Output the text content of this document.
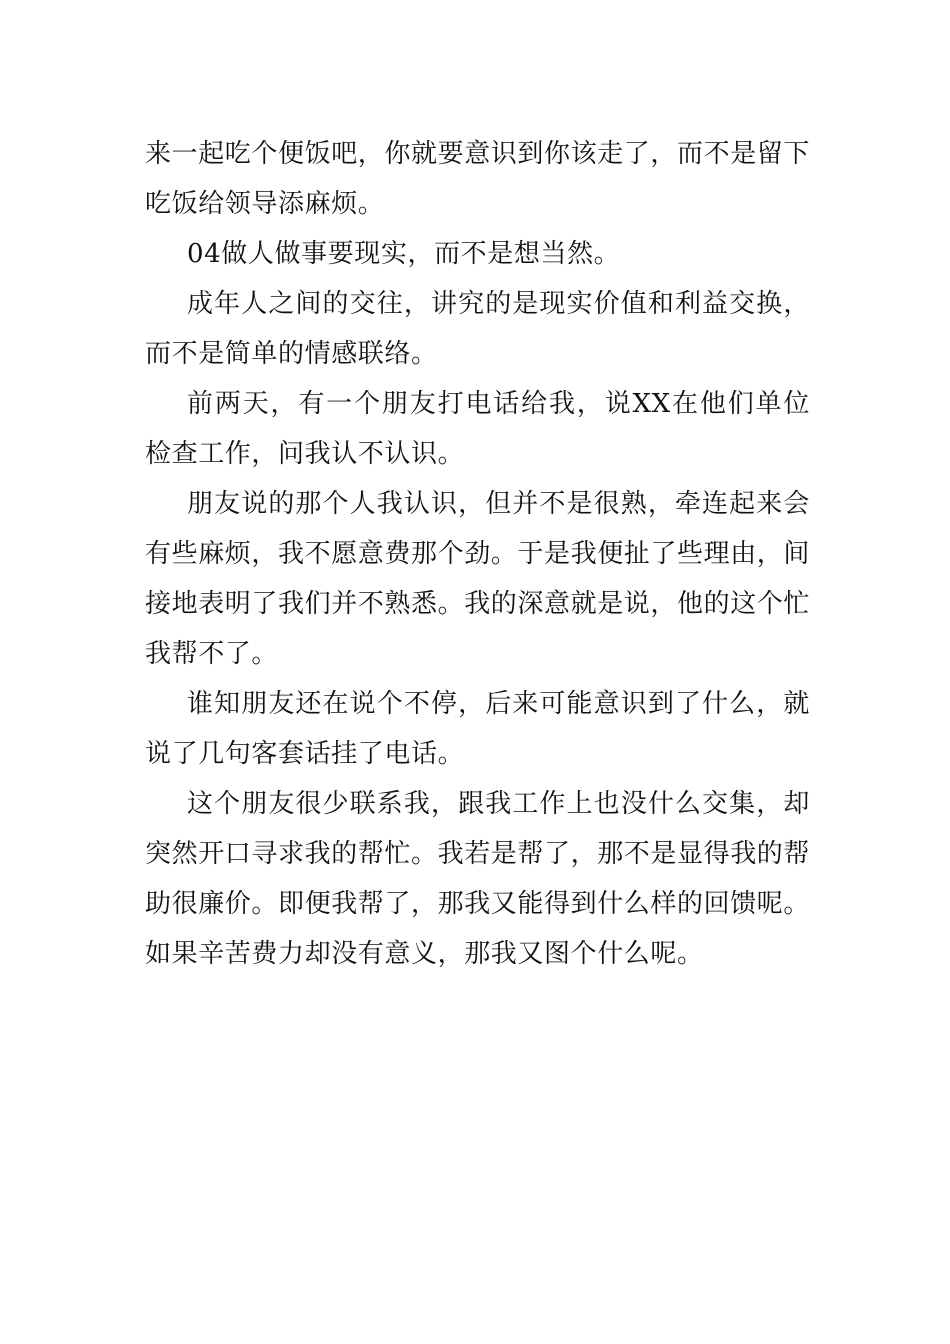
来一起吃个便饭吧，你就要意识到你该走了，而不是留下吃饭给领导添麻烦。

04做人做事要现实，而不是想当然。

成年人之间的交往，讲究的是现实价值和利益交换，而不是简单的情感联络。

前两天，有一个朋友打电话给我，说XX在他们单位检查工作，问我认不认识。

朋友说的那个人我认识，但并不是很熟，牵连起来会有些麻烦，我不愿意费那个劲。于是我便扯了些理由，间接地表明了我们并不熟悉。我的深意就是说，他的这个忙我帮不了。

谁知朋友还在说个不停，后来可能意识到了什么，就说了几句客套话挂了电话。

这个朋友很少联系我，跟我工作上也没什么交集，却突然开口寻求我的帮忙。我若是帮了，那不是显得我的帮助很廉价。即便我帮了，那我又能得到什么样的回馈呢。如果辛苦费力却没有意义，那我又图个什么呢。
